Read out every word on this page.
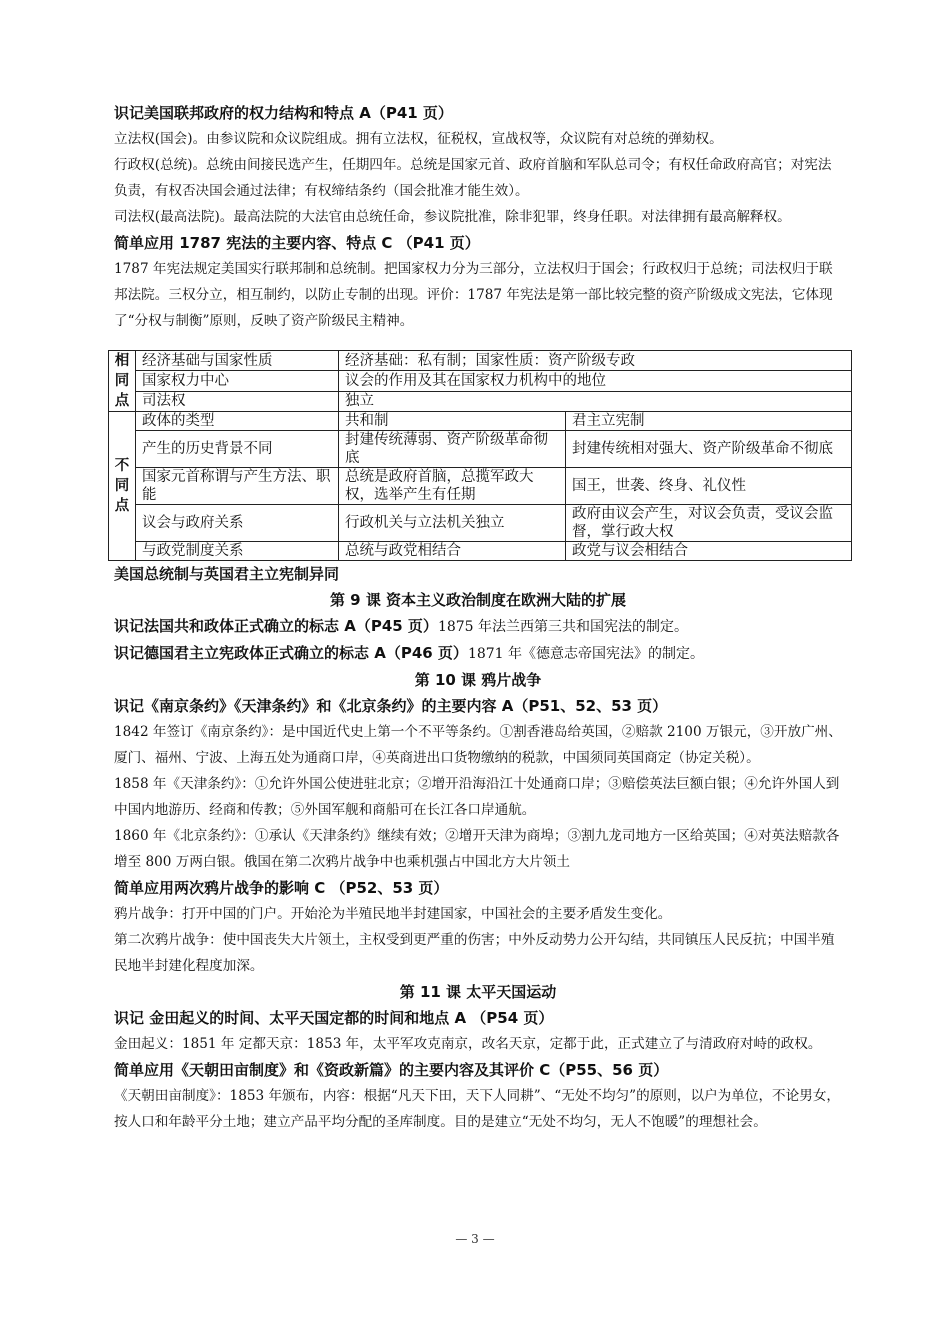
识记美国联邦政府的权力结构和特点 A（P41 页）

立法权(国会)。由参议院和众议院组成。拥有立法权，征税权，宣战权等，众议院有对总统的弹劾权。

行政权(总统)。总统由间接民选产生，任期四年。总统是国家元首、政府首脑和军队总司令；有权任命政府高官；对宪法负责，有权否决国会通过法律；有权缔结条约（国会批准才能生效）。

司法权(最高法院)。最高法院的大法官由总统任命，参议院批准，除非犯罪，终身任职。对法律拥有最高解释权。

简单应用 1787 宪法的主要内容、特点 C （P41 页）

1787 年宪法规定美国实行联邦制和总统制。把国家权力分为三部分，立法权归于国会；行政权归于总统；司法权归于联邦法院。三权分立，相互制约，以防止专制的出现。评价：1787 年宪法是第一部比较完整的资产阶级成文宪法，它体现了“分权与制衡”原则，反映了资产阶级民主精神。

相同点	经济基础与国家性质	经济基础：私有制；国家性质：资产阶级专政	
	国家权力中心	议会的作用及其在国家权力机构中的地位	
	司法权	独立	
不同点	政体的类型	共和制	君主立宪制
	产生的历史背景不同	封建传统薄弱、资产阶级革命彻底	封建传统相对强大、资产阶级革命不彻底
	国家元首称谓与产生方法、职能	总统是政府首脑，总揽军政大权，选举产生有任期	国王，世袭、终身、礼仪性
	议会与政府关系	行政机关与立法机关独立	政府由议会产生，对议会负责，受议会监督，掌行政大权
	与政党制度关系	总统与政党相结合	政党与议会相结合

美国总统制与英国君主立宪制异同

第 9 课 资本主义政治制度在欧洲大陆的扩展

识记法国共和政体正式确立的标志 A（P45 页）1875 年法兰西第三共和国宪法的制定。

识记德国君主立宪政体正式确立的标志 A（P46 页）1871 年《德意志帝国宪法》的制定。

第 10 课 鸦片战争

识记《南京条约》《天津条约》和《北京条约》的主要内容 A（P51、52、53 页）

1842 年签订《南京条约》：是中国近代史上第一个不平等条约。①割香港岛给英国，②赔款 2100 万银元，③开放广州、厦门、福州、宁波、上海五处为通商口岸，④英商进出口货物缴纳的税款，中国须同英国商定（协定关税）。

1858 年《天津条约》：①允许外国公使进驻北京；②增开沿海沿江十处通商口岸；③赔偿英法巨额白银；④允许外国人到中国内地游历、经商和传教；⑤外国军舰和商船可在长江各口岸通航。

1860 年《北京条约》：①承认《天津条约》继续有效；②增开天津为商埠；③割九龙司地方一区给英国；④对英法赔款各增至 800 万两白银。俄国在第二次鸦片战争中也乘机强占中国北方大片领土

简单应用两次鸦片战争的影响 C （P52、53 页）

鸦片战争：打开中国的门户。开始沦为半殖民地半封建国家，中国社会的主要矛盾发生变化。

第二次鸦片战争：使中国丧失大片领土，主权受到更严重的伤害；中外反动势力公开勾结，共同镇压人民反抗；中国半殖民地半封建化程度加深。

第 11 课 太平天国运动

识记 金田起义的时间、太平天国定都的时间和地点 A （P54 页）

金田起义：1851 年 定都天京：1853 年，太平军攻克南京，改名天京，定都于此，正式建立了与清政府对峙的政权。

简单应用《天朝田亩制度》和《资政新篇》的主要内容及其评价 C（P55、56 页）

《天朝田亩制度》：1853 年颁布，内容：根据“凡天下田，天下人同耕”、“无处不均匀”的原则，以户为单位，不论男女，按人口和年龄平分土地；建立产品平均分配的圣库制度。目的是建立“无处不均匀，无人不饱暖”的理想社会。

— 3 —
